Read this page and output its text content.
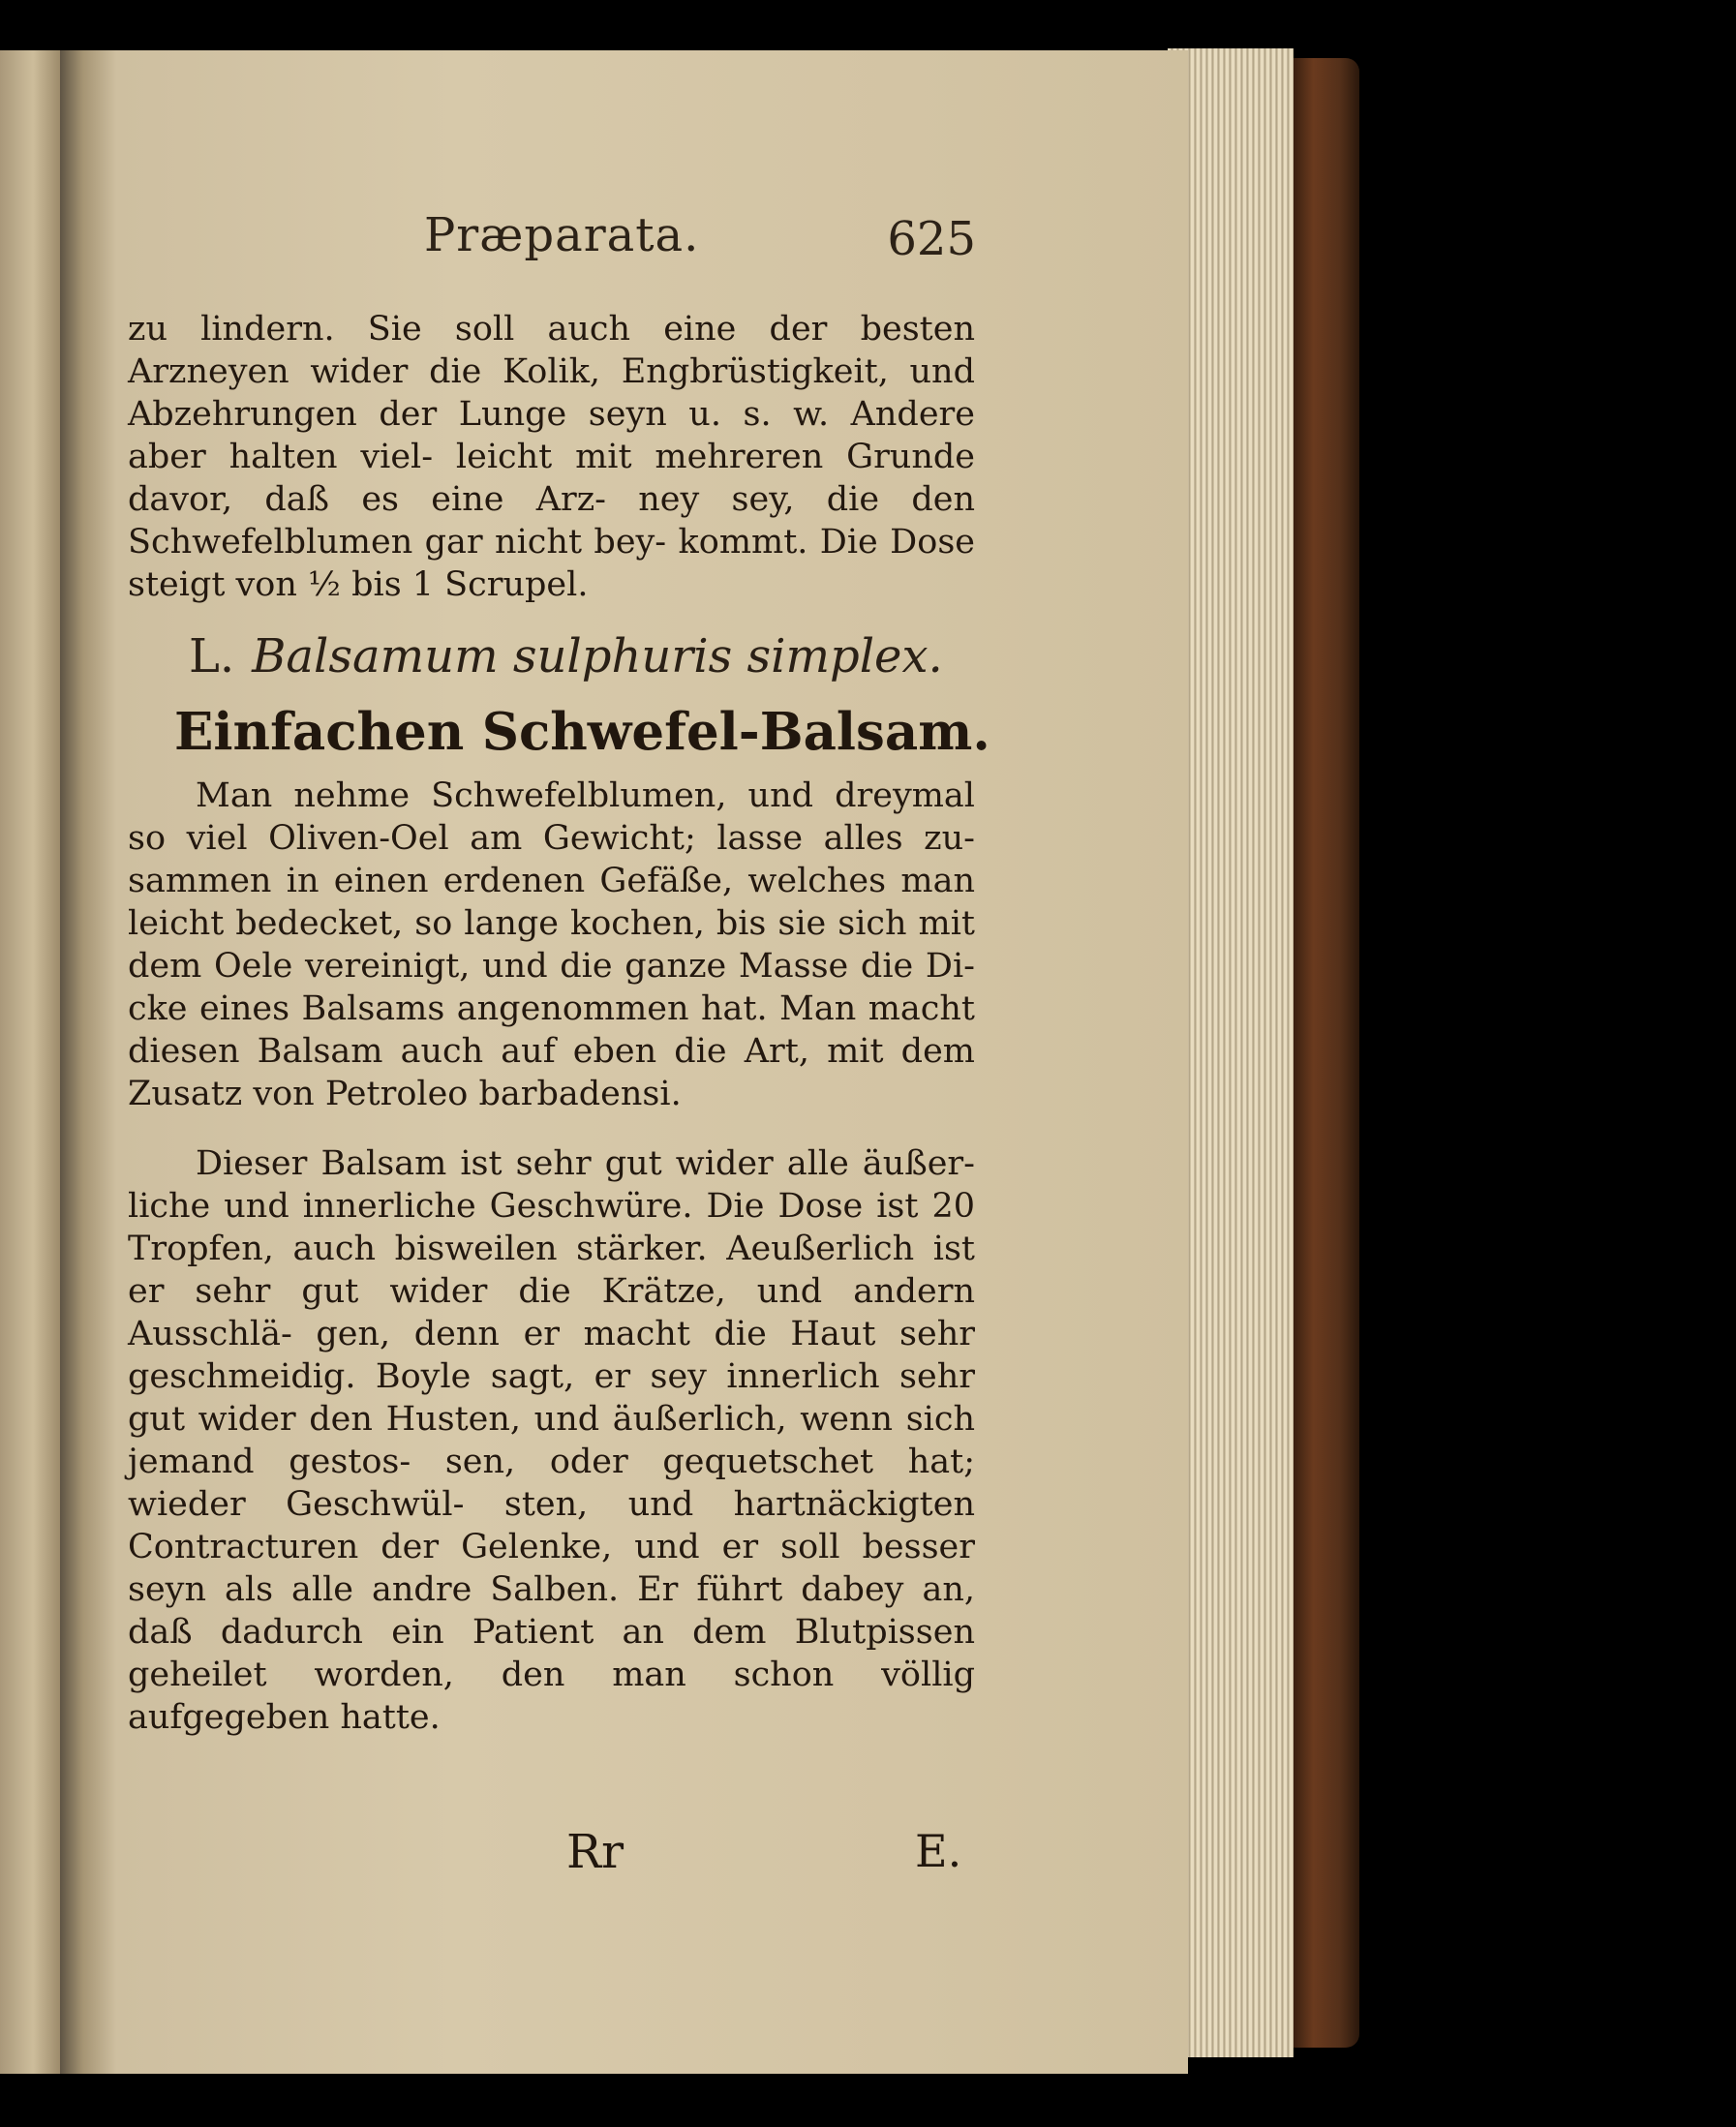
Præparata.	625

zu lindern. Sie soll auch eine der besten Arzneyen wider die Kolik, Engbrüstigkeit, und Abzehrungen der Lunge seyn u. s. w. Andere aber halten viel- leicht mit mehreren Grunde davor, daß es eine Arz- ney sey, die den Schwefelblumen gar nicht bey- kommt. Die Dose steigt von ½ bis 1 Scrupel.

L. Balsamum sulphuris simplex.
Einfachen Schwefel-Balsam.

Man nehme Schwefelblumen, und dreymal so viel Oliven-Oel am Gewicht; lasse alles zu- sammen in einen erdenen Gefäße, welches man leicht bedecket, so lange kochen, bis sie sich mit dem Oele vereinigt, und die ganze Masse die Di- cke eines Balsams angenommen hat. Man macht diesen Balsam auch auf eben die Art, mit dem Zusatz von Petroleo barbadensi.

Dieser Balsam ist sehr gut wider alle äußer- liche und innerliche Geschwüre. Die Dose ist 20 Tropfen, auch bisweilen stärker. Aeußerlich ist er sehr gut wider die Krätze, und andern Ausschlä- gen, denn er macht die Haut sehr geschmeidig. Boyle sagt, er sey innerlich sehr gut wider den Husten, und äußerlich, wenn sich jemand gestos- sen, oder gequetschet hat; wieder Geschwül- sten, und hartnäckigten Contracturen der Gelenke, und er soll besser seyn als alle andre Salben. Er führt dabey an, daß dadurch ein Patient an dem Blutpissen geheilet worden, den man schon völlig aufgegeben hatte.

Rr	E.
